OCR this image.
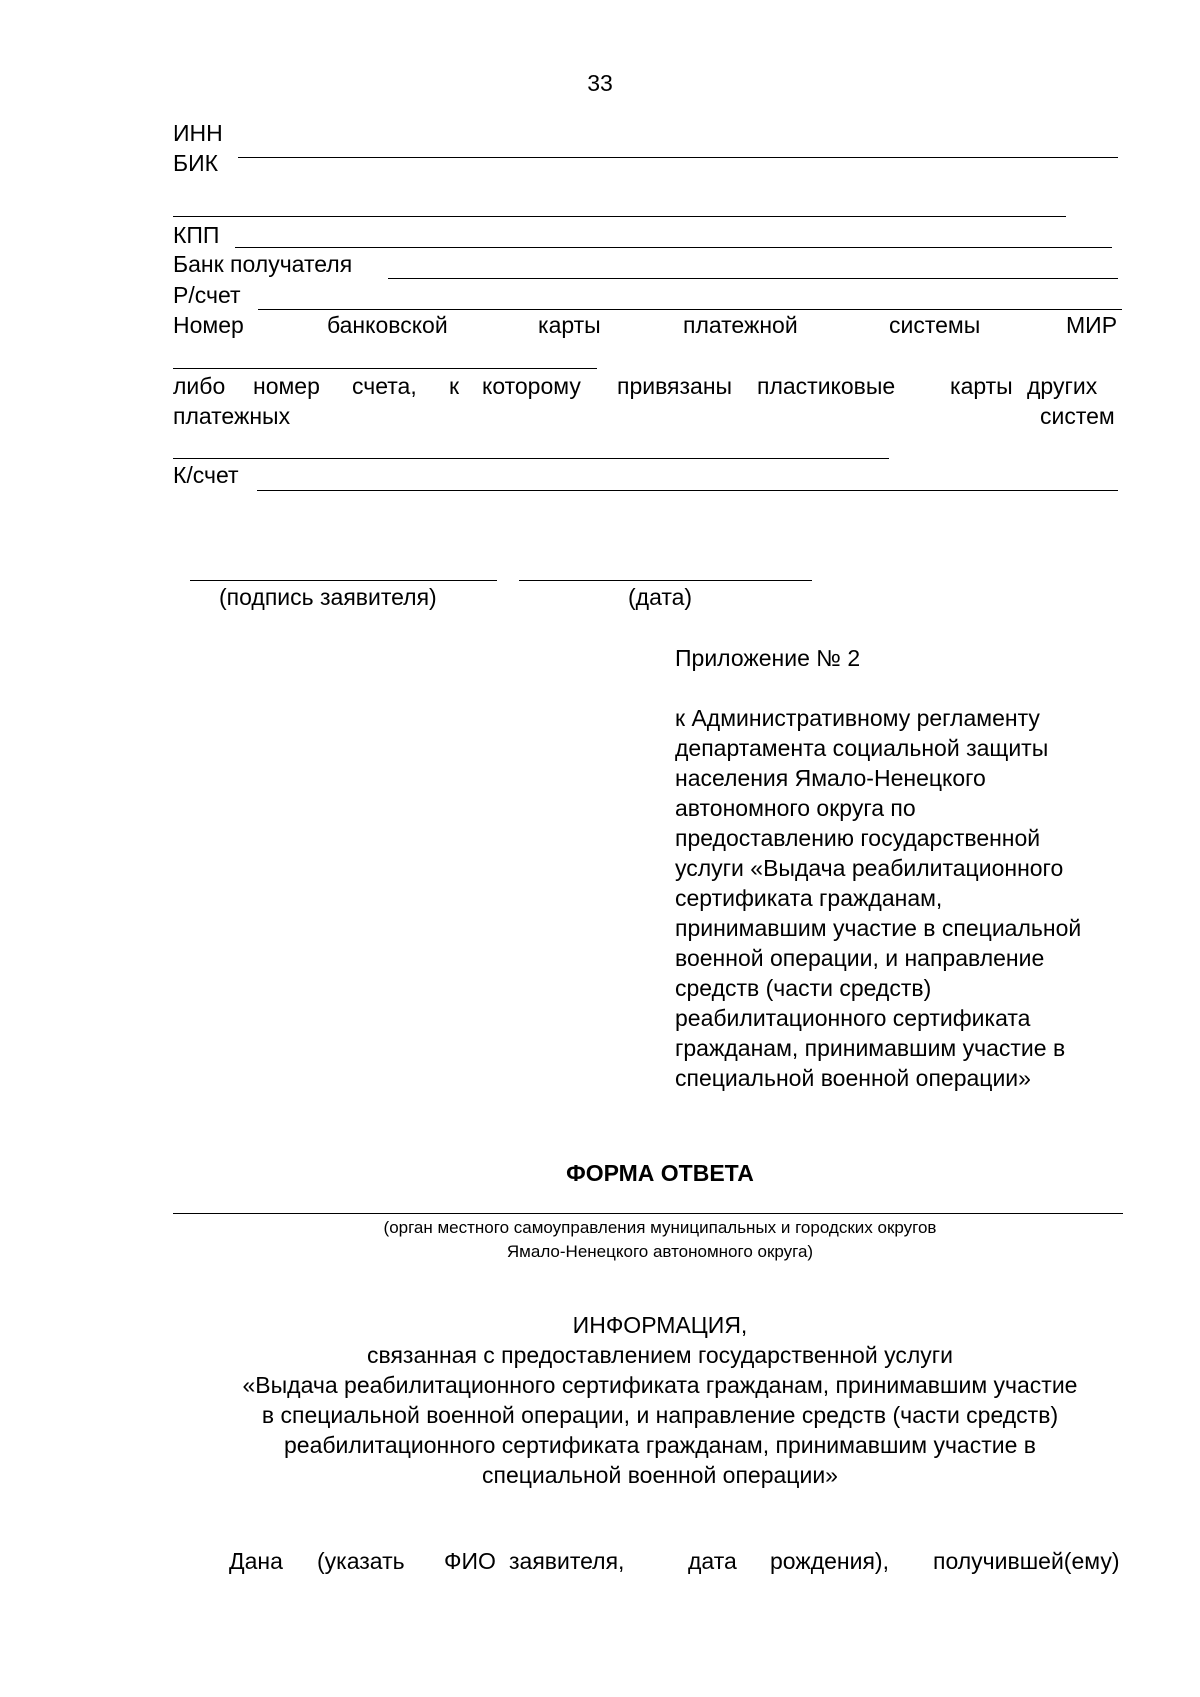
33
ИНН
БИК
КПП
Банк получателя
Р/счет
Номер	банковской	карты	платежной	системы	МИР
либо номер счета, к которому привязаны пластиковые карты других
платежных	систем
К/счет
(подпись заявителя)	(дата)
Приложение № 2
к Административному регламенту
департамента социальной защиты
населения Ямало-Ненецкого
автономного округа по
предоставлению государственной
услуги «Выдача реабилитационного
сертификата гражданам,
принимавшим участие в специальной
военной операции, и направление
средств (части средств)
реабилитационного сертификата
гражданам, принимавшим участие в
специальной военной операции»
ФОРМА ОТВЕТА
(орган местного самоуправления муниципальных и городских округов
Ямало-Ненецкого автономного округа)
ИНФОРМАЦИЯ,
связанная с предоставлением государственной услуги
«Выдача реабилитационного сертификата гражданам, принимавшим участие
в специальной военной операции, и направление средств (части средств)
реабилитационного сертификата гражданам, принимавшим участие в
специальной военной операции»
Дана (указать ФИО заявителя,	дата рождения), получившей(ему)
